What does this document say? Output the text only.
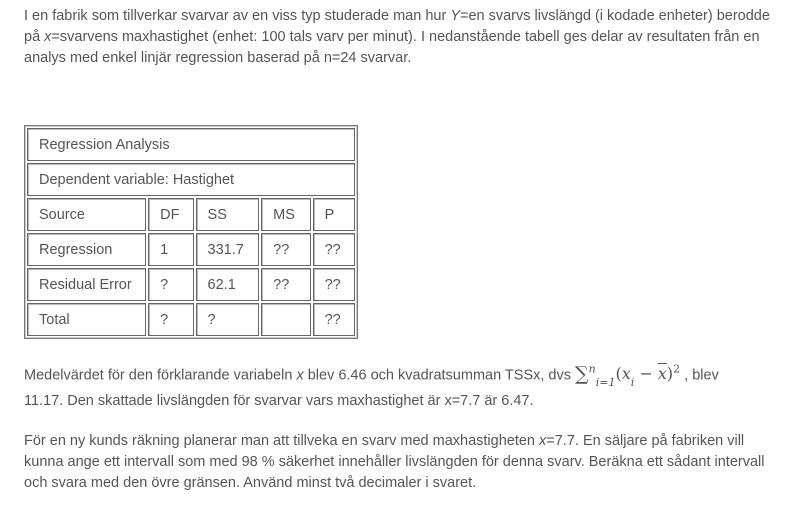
I en fabrik som tillverkar svarvar av en viss typ studerade man hur Y=en svarvs livslängd (i kodade enheter) berodde
på x=svarvens maxhastighet (enhet: 100 tals varv per minut). I nedanstående tabell ges delar av resultaten från en
analys med enkel linjär regression baserad på n=24 svarvar.

Regression Analysis				
Dependent variable: Hastighet				
Source	DF	SS	MS	P
Regression	1	331.7	??	??
Residual Error	?	62.1	??	??
Total	?	?		??

Medelvärdet för den förklarande variabeln x blev 6.46 och kvadratsumman TSSx, dvs $\sum^n_{i=1}(x_i - \overline{x})^2$ , blev
11.17. Den skattade livslängden för svarvar vars maxhastighet är x=7.7 är 6.47.

För en ny kunds räkning planerar man att tillveka en svarv med maxhastigheten x=7.7. En säljare på fabriken vill
kunna ange ett intervall som med 98 % säkerhet innehåller livslängden för denna svarv. Beräkna ett sådant intervall
och svara med den övre gränsen. Använd minst två decimaler i svaret.
